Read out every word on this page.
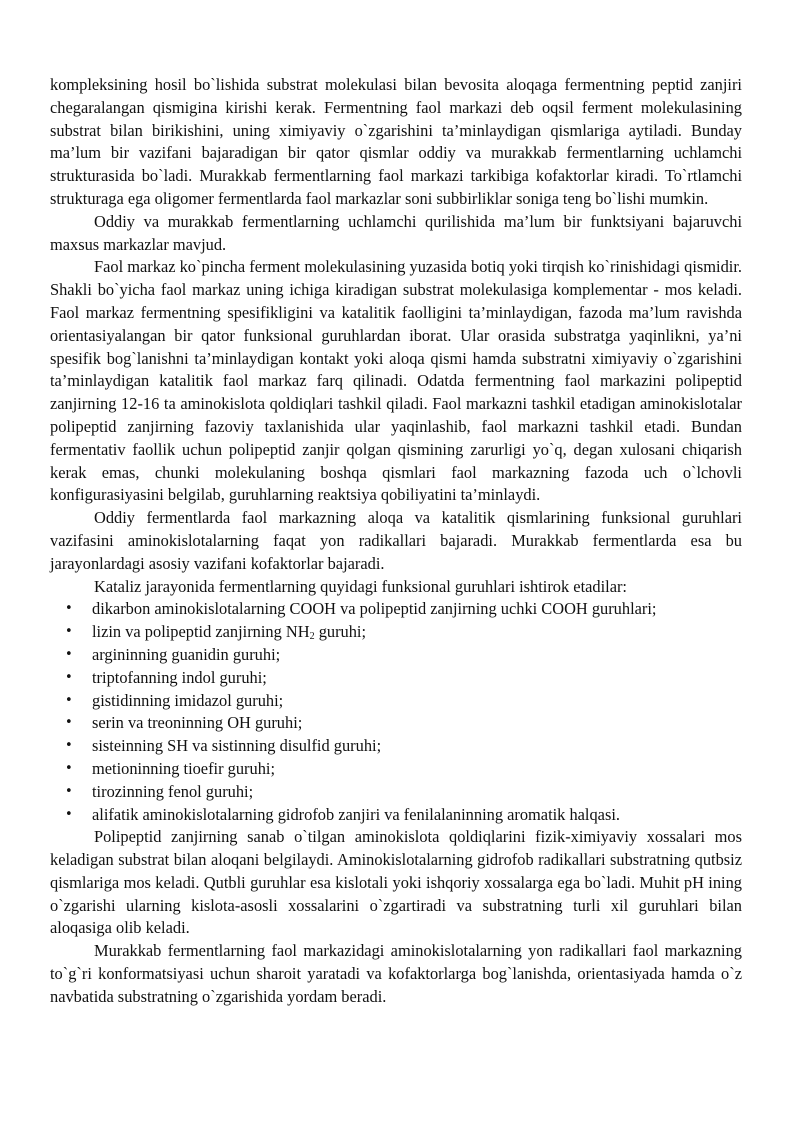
kompleksining hosil bo`lishida substrat molekulasi bilan bevosita aloqaga fermentning peptid zanjiri chegaralangan qismigina kirishi kerak. Fermentning faol markazi deb oqsil ferment molekulasining substrat bilan birikishini, uning ximiyaviy o`zgarishini ta’minlaydigan qismlariga aytiladi. Bunday ma’lum bir vazifani bajaradigan bir qator qismlar oddiy va murakkab fermentlarning uchlamchi strukturasida bo`ladi. Murakkab fermentlarning faol markazi tarkibiga kofaktorlar kiradi. To`rtlamchi strukturaga ega oligomer fermentlarda faol markazlar soni subbirliklar soniga teng bo`lishi mumkin.

Oddiy va murakkab fermentlarning uchlamchi qurilishida ma’lum bir funktsiyani bajaruvchi maxsus markazlar mavjud.

Faol markaz ko`pincha ferment molekulasining yuzasida botiq yoki tirqish ko`rinishidagi qismidir. Shakli bo`yicha faol markaz uning ichiga kiradigan substrat molekulasiga komplementar - mos keladi. Faol markaz fermentning spesifikligini va katalitik faolligini ta’minlaydigan, fazoda ma’lum ravishda orientasiyalangan bir qator funksional guruhlardan iborat. Ular orasida substratga yaqinlikni, ya’ni spesifik bog`lanishni ta’minlaydigan kontakt yoki aloqa qismi hamda substratni ximiyaviy o`zgarishini ta’minlaydigan katalitik faol markaz farq qilinadi. Odatda fermentning faol markazini polipeptid zanjirning 12-16 ta aminokislota qoldiqlari tashkil qiladi. Faol markazni tashkil etadigan aminokislotalar polipeptid zanjirning fazoviy taxlanishida ular yaqinlashib, faol markazni tashkil etadi. Bundan fermentativ faollik uchun polipeptid zanjir qolgan qismining zarurligi yo`q, degan xulosani chiqarish kerak emas, chunki molekulaning boshqa qismlari faol markazning fazoda uch o`lchovli konfigurasiyasini belgilab, guruhlarning reaktsiya qobiliyatini ta’minlaydi.

Oddiy fermentlarda faol markazning aloqa va katalitik qismlarining funksional guruhlari vazifasini aminokislotalarning faqat yon radikallari bajaradi. Murakkab fermentlarda esa bu jarayonlardagi asosiy vazifani kofaktorlar bajaradi.

Kataliz jarayonida fermentlarning quyidagi funksional guruhlari ishtirok etadilar:

• dikarbon aminokislotalarning COOH va polipeptid zanjirning uchki COOH guruhlari;
• lizin va polipeptid zanjirning $NH_2$ guruhi;
• argininning guanidin guruhi;
• triptofanning indol guruhi;
• gistidinning imidazol guruhi;
• serin va treoninning OH guruhi;
• sisteinning SH va sistinning disulfid guruhi;
• metioninning tioefir guruhi;
• tirozinning fenol guruhi;
• alifatik aminokislotalarning gidrofob zanjiri va fenilalaninning aromatik halqasi.

Polipeptid zanjirning sanab o`tilgan aminokislota qoldiqlarini fizik-ximiyaviy xossalari mos keladigan substrat bilan aloqani belgilaydi. Aminokislotalarning gidrofob radikallari substratning qutbsiz qismlariga mos keladi. Qutbli guruhlar esa kislotali yoki ishqoriy xossalarga ega bo`ladi. Muhit pH ining o`zgarishi ularning kislota-asosli xossalarini o`zgartiradi va substratning turli xil guruhlari bilan aloqasiga olib keladi.

Murakkab fermentlarning faol markazidagi aminokislotalarning yon radikallari faol markazning to`g`ri konformatsiyasi uchun sharoit yaratadi va kofaktorlarga bog`lanishda, orientasiyada hamda o`z navbatida substratning o`zgarishida yordam beradi.
